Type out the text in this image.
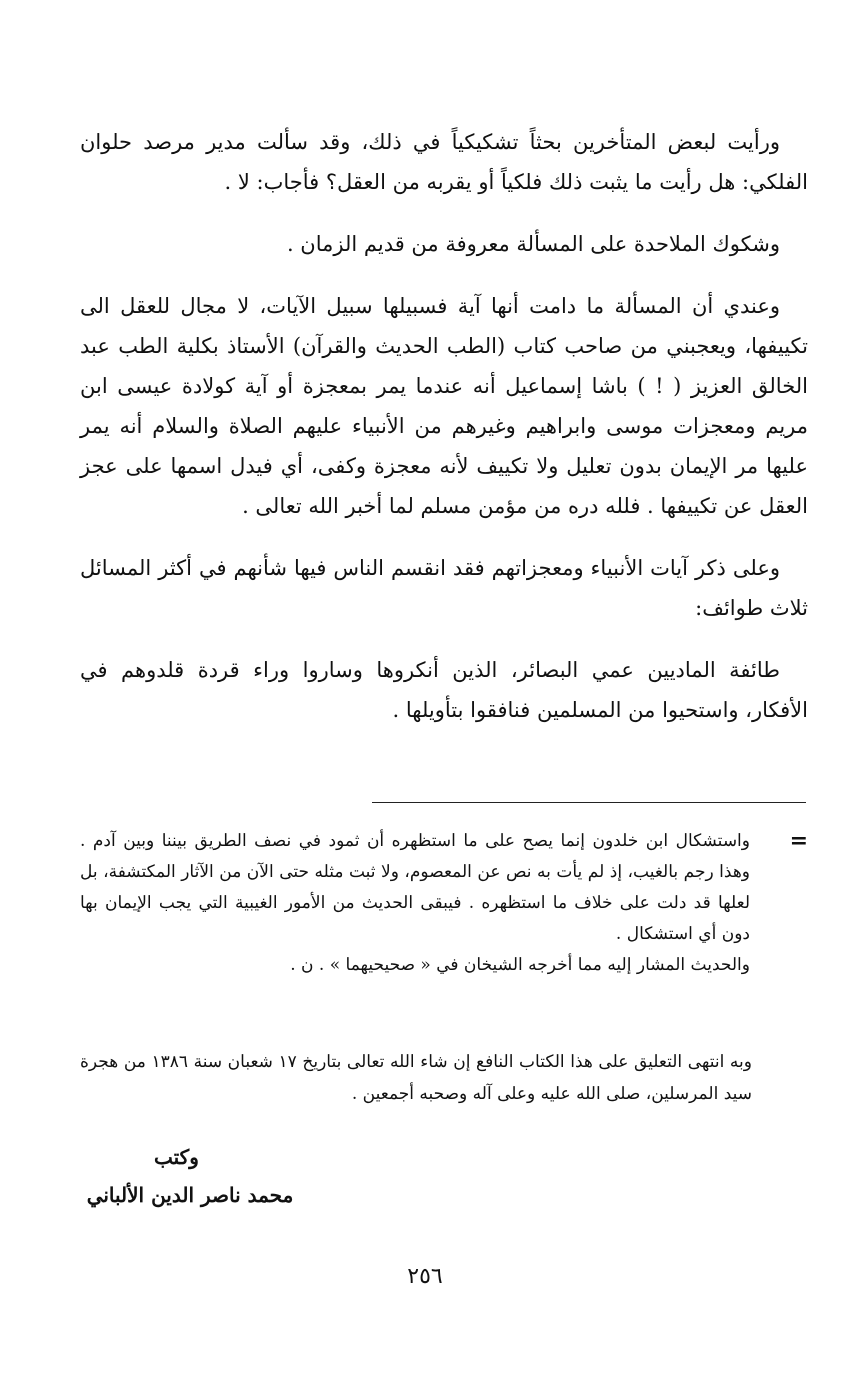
ورأيت لبعض المتأخرين بحثاً تشكيكياً في ذلك، وقد سألت مدير مرصد حلوان الفلكي: هل رأيت ما يثبت ذلك فلكياً أو يقربه من العقل؟ فأجاب: لا .

وشكوك الملاحدة على المسألة معروفة من قديم الزمان .

وعندي أن المسألة ما دامت أنها آية فسبيلها سبيل الآيات، لا مجال للعقل الى تكييفها، ويعجبني من صاحب كتاب (الطب الحديث والقرآن) الأستاذ بكلية الطب عبد الخالق العزيز ( ! ) باشا إسماعيل أنه عندما يمر بمعجزة أو آية كولادة عيسى ابن مريم ومعجزات موسى وابراهيم وغيرهم من الأنبياء عليهم الصلاة والسلام أنه يمر عليها مر الإيمان بدون تعليل ولا تكييف لأنه معجزة وكفى، أي فيدل اسمها على عجز العقل عن تكييفها . فلله دره من مؤمن مسلم لما أخبر الله تعالى .

وعلى ذكر آيات الأنبياء ومعجزاتهم فقد انقسم الناس فيها شأنهم في أكثر المسائل ثلاث طوائف:

طائفة الماديين عمي البصائر، الذين أنكروها وساروا وراء قردة قلدوهم في الأفكار، واستحيوا من المسلمين فنافقوا بتأويلها .

=

واستشكال ابن خلدون إنما يصح على ما استظهره أن ثمود في نصف الطريق بيننا وبين آدم . وهذا رجم بالغيب، إذ لم يأت به نص عن المعصوم، ولا ثبت مثله حتى الآن من الآثار المكتشفة، بل لعلها قد دلت على خلاف ما استظهره . فيبقى الحديث من الأمور الغيبية التي يجب الإيمان بها دون أي استشكال .

والحديث المشار إليه مما أخرجه الشيخان في « صحيحيهما » . ن .

وبه انتهى التعليق على هذا الكتاب النافع إن شاء الله تعالى بتاريخ ١٧ شعبان سنة ١٣٨٦ من هجرة سيد المرسلين، صلى الله عليه وعلى آله وصحبه أجمعين .

وكتب
محمد ناصر الدين الألباني
٢٥٦
